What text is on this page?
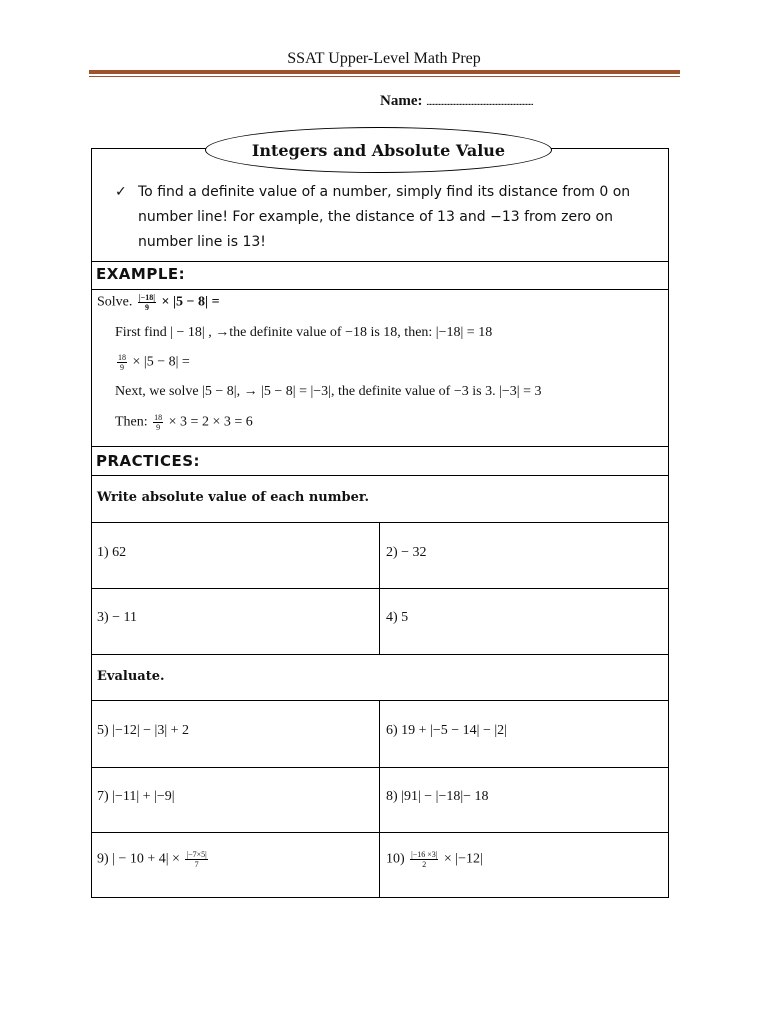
SSAT Upper-Level Math Prep
Name: .......................................................................
Integers and Absolute Value
✓ To find a definite value of a number, simply find its distance from 0 on number line! For example, the distance of 13 and −13 from zero on number line is 13!
EXAMPLE:
Solve. $\frac{|-18|}{9} \times |5 - 8|$ =
First find | − 18| , →the definite value of −18 is 18, then: |−18| = 18
$\frac{18}{9} \times |5 - 8|$ =
Next, we solve |5 − 8|, → |5 − 8| = |−3|, the definite value of −3 is 3. |−3| = 3
Then: $\frac{18}{9} \times 3 = 2 \times 3 = 6$
PRACTICES:
Write absolute value of each number.
1) 62	2) − 32
3) − 11	4) 5
Evaluate.
5) |−12| − |3| + 2	6) 19 + |−5 − 14| − |2|
7) |−11| + |−9|	8) |91| − |−18|− 18
9) | − $10 + 4| \times \frac{|-7\times 5|}{7}$	$10) \frac{|-16 \times 3|}{2} \times |-12|$
